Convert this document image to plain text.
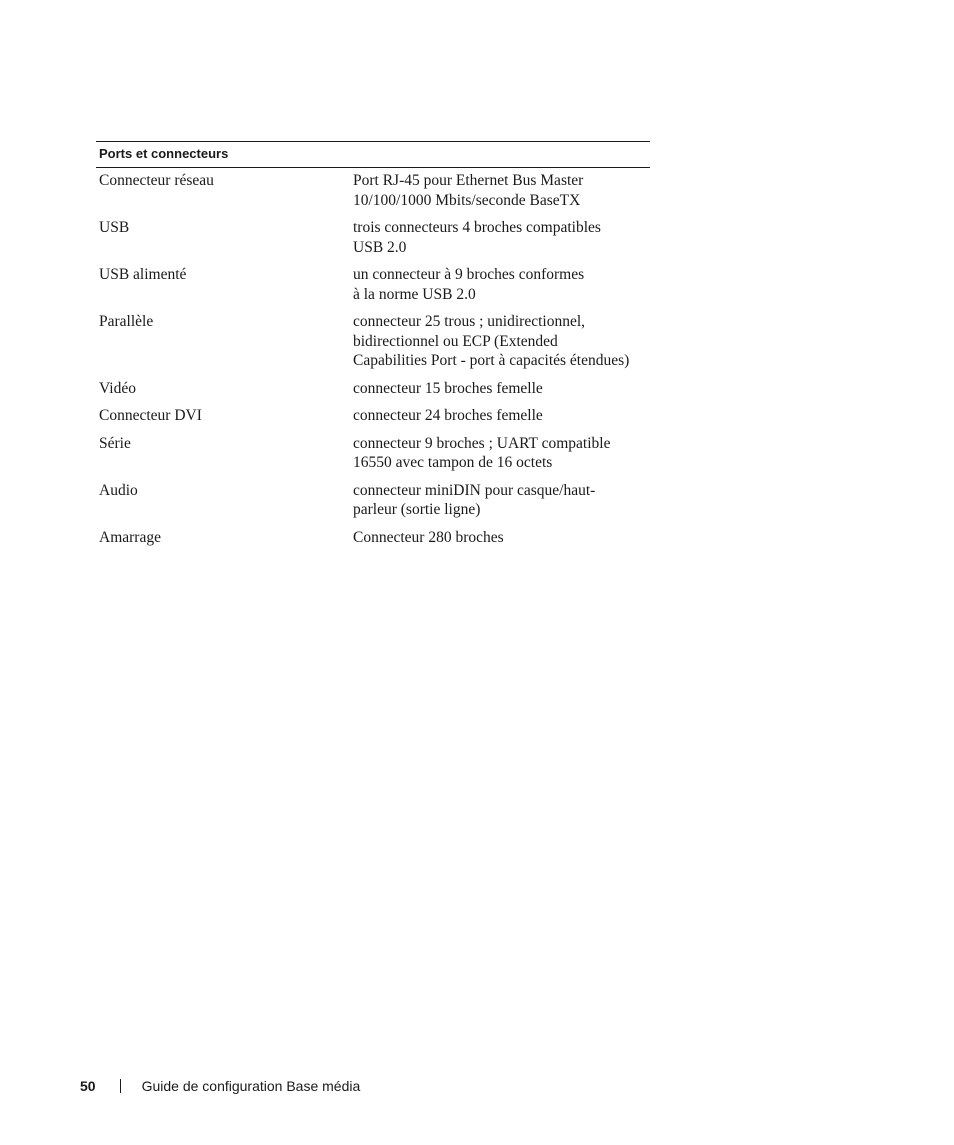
Ports et connecteurs
Connecteur réseau	Port RJ-45 pour Ethernet Bus Master
10/100/1000 Mbits/seconde BaseTX
USB	trois connecteurs 4 broches compatibles
USB 2.0
USB alimenté	un connecteur à 9 broches conformes
à la norme USB 2.0
Parallèle	connecteur 25 trous ; unidirectionnel,
bidirectionnel ou ECP (Extended
Capabilities Port - port à capacités étendues)
Vidéo	connecteur 15 broches femelle
Connecteur DVI	connecteur 24 broches femelle
Série	connecteur 9 broches ; UART compatible
16550 avec tampon de 16 octets
Audio	connecteur miniDIN pour casque/haut-
parleur (sortie ligne)
Amarrage	Connecteur 280 broches
50	Guide de configuration Base média
